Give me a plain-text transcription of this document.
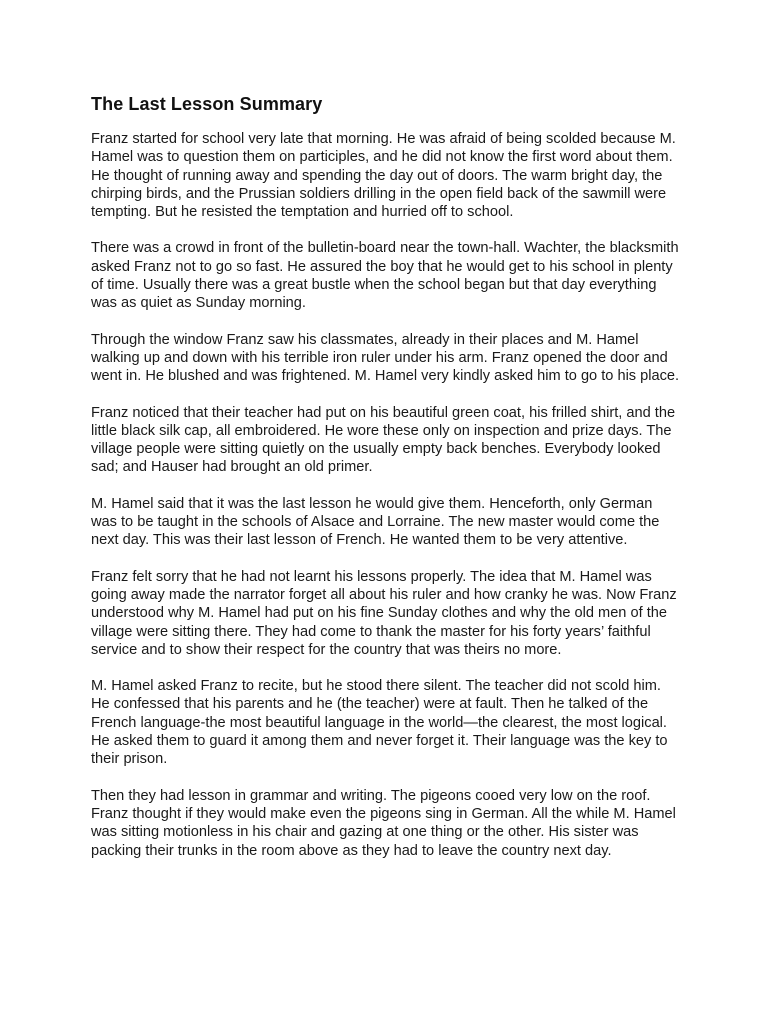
The Last Lesson Summary

Franz started for school very late that morning. He was afraid of being scolded because M. Hamel was to question them on participles, and he did not know the first word about them. He thought of running away and spending the day out of doors. The warm bright day, the chirping birds, and the Prussian soldiers drilling in the open field back of the sawmill were tempting. But he resisted the temptation and hurried off to school.

There was a crowd in front of the bulletin-board near the town-hall. Wachter, the blacksmith asked Franz not to go so fast. He assured the boy that he would get to his school in plenty of time. Usually there was a great bustle when the school began but that day everything was as quiet as Sunday morning.

Through the window Franz saw his classmates, already in their places and M. Hamel walking up and down with his terrible iron ruler under his arm. Franz opened the door and went in. He blushed and was frightened. M. Hamel very kindly asked him to go to his place.

Franz noticed that their teacher had put on his beautiful green coat, his frilled shirt, and the little black silk cap, all embroidered. He wore these only on inspection and prize days. The village people were sitting quietly on the usually empty back benches. Everybody looked sad; and Hauser had brought an old primer.

M. Hamel said that it was the last lesson he would give them. Henceforth, only German was to be taught in the schools of Alsace and Lorraine. The new master would come the next day. This was their last lesson of French. He wanted them to be very attentive.

Franz felt sorry that he had not learnt his lessons properly. The idea that M. Hamel was going away made the narrator forget all about his ruler and how cranky he was. Now Franz understood why M. Hamel had put on his fine Sunday clothes and why the old men of the village were sitting there. They had come to thank the master for his forty years’ faithful service and to show their respect for the country that was theirs no more.

M. Hamel asked Franz to recite, but he stood there silent. The teacher did not scold him. He confessed that his parents and he (the teacher) were at fault. Then he talked of the French language-the most beautiful language in the world—the clearest, the most logical. He asked them to guard it among them and never forget it. Their language was the key to their prison.

Then they had lesson in grammar and writing. The pigeons cooed very low on the roof. Franz thought if they would make even the pigeons sing in German. All the while M. Hamel was sitting motionless in his chair and gazing at one thing or the other. His sister was packing their trunks in the room above as they had to leave the country next day.
